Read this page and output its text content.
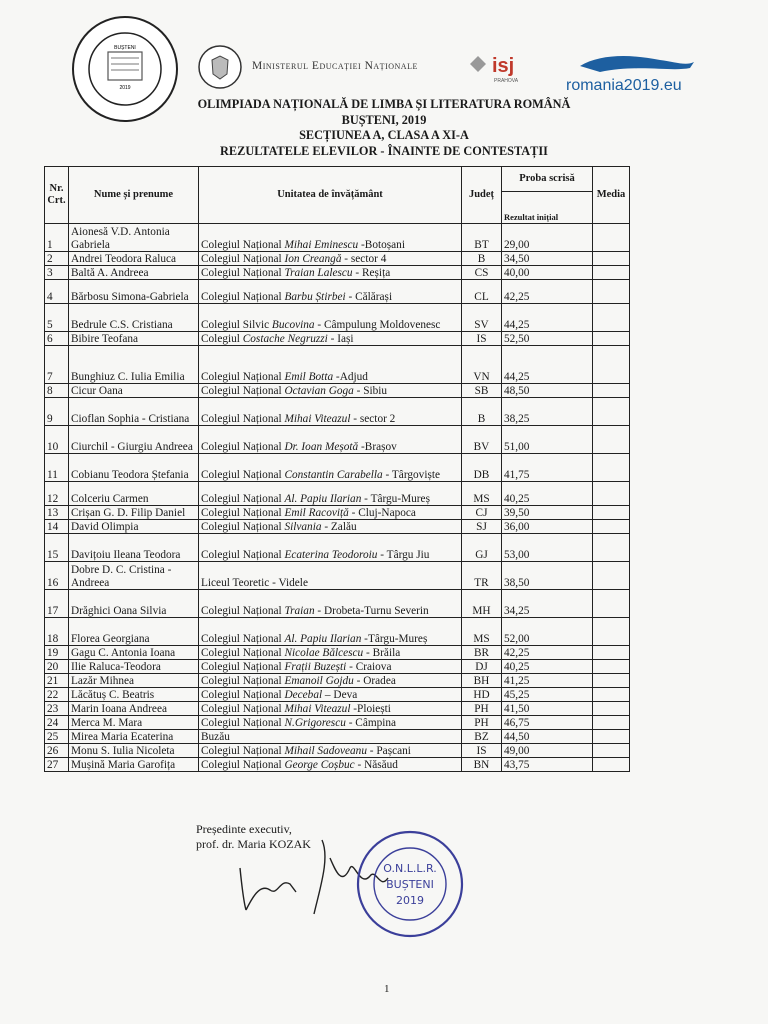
BUȘTENI
2019
Ministerul Educației Naționale	isj
PRAHOVA	romania2019.eu
OLIMPIADA NAȚIONALĂ DE LIMBA ȘI LITERATURA ROMÂNĂ
BUȘTENI, 2019
SECȚIUNEA A, CLASA A XI-A
REZULTATELE ELEVILOR - ÎNAINTE DE CONTESTAȚII
Nr. Crt.	Nume și prenume	Unitatea de învățământ	Județ	Proba scrisă	Media
				Rezultat inițial	
1	Aionesă V.D. Antonia Gabriela	Colegiul Național Mihai Eminescu -Botoșani	BT	29,00	
2	Andrei Teodora Raluca	Colegiul Național Ion Creangă - sector 4	B	34,50	
3	Baltă A. Andreea	Colegiul Național Traian Lalescu - Reșița	CS	40,00	
4	Bărbosu Simona-Gabriela	Colegiul Național Barbu Știrbei - Călărași	CL	42,25	
5	Bedrule C.S. Cristiana	Colegiul Silvic Bucovina - Câmpulung Moldovenesc	SV	44,25	
6	Bibire Teofana	Colegiul Costache Negruzzi - Iași	IS	52,50	
7	Bunghiuz C. Iulia Emilia	Colegiul Național Emil Botta -Adjud	VN	44,25	
8	Cicur Oana	Colegiul Național Octavian Goga - Sibiu	SB	48,50	
9	Cioflan Sophia - Cristiana	Colegiul Național Mihai Viteazul - sector 2	B	38,25	
10	Ciurchil - Giurgiu Andreea	Colegiul Național Dr. Ioan Meșotă -Brașov	BV	51,00	
11	Cobianu Teodora Ștefania	Colegiul Național Constantin Carabella - Târgoviște	DB	41,75	
12	Colceriu Carmen	Colegiul Național Al. Papiu Ilarian - Târgu-Mureș	MS	40,25	
13	Crișan G. D. Filip Daniel	Colegiul Național Emil Racoviță - Cluj-Napoca	CJ	39,50	
14	David Olimpia	Colegiul Național Silvania - Zalău	SJ	36,00	
15	Davițoiu Ileana Teodora	Colegiul Național Ecaterina Teodoroiu - Târgu Jiu	GJ	53,00	
16	Dobre D. C. Cristina - Andreea	Liceul Teoretic - Videle	TR	38,50	
17	Drăghici Oana Silvia	Colegiul Național Traian - Drobeta-Turnu Severin	MH	34,25	
18	Florea Georgiana	Colegiul Național Al. Papiu Ilarian -Târgu-Mureș	MS	52,00	
19	Gagu C. Antonia Ioana	Colegiul Național Nicolae Bălcescu - Brăila	BR	42,25	
20	Ilie Raluca-Teodora	Colegiul Național Frații Buzești - Craiova	DJ	40,25	
21	Lazăr Mihnea	Colegiul Național Emanoil Gojdu - Oradea	BH	41,25	
22	Lăcătuș C. Beatris	Colegiul Național Decebal – Deva	HD	45,25	
23	Marin Ioana Andreea	Colegiul Național Mihai Viteazul -Ploiești	PH	41,50	
24	Merca M. Mara	Colegiul Național N.Grigorescu - Câmpina	PH	46,75	
25	Mirea Maria Ecaterina	Buzău	BZ	44,50	
26	Monu S. Iulia Nicoleta	Colegiul Național Mihail Sadoveanu - Pașcani	IS	49,00	
27	Mușină Maria Garofița	Colegiul Național George Coșbuc - Năsăud	BN	43,75	
Președinte executiv,
prof. dr. Maria KOZAK
O.N.L.L.R.
BUȘTENI
2019
1
